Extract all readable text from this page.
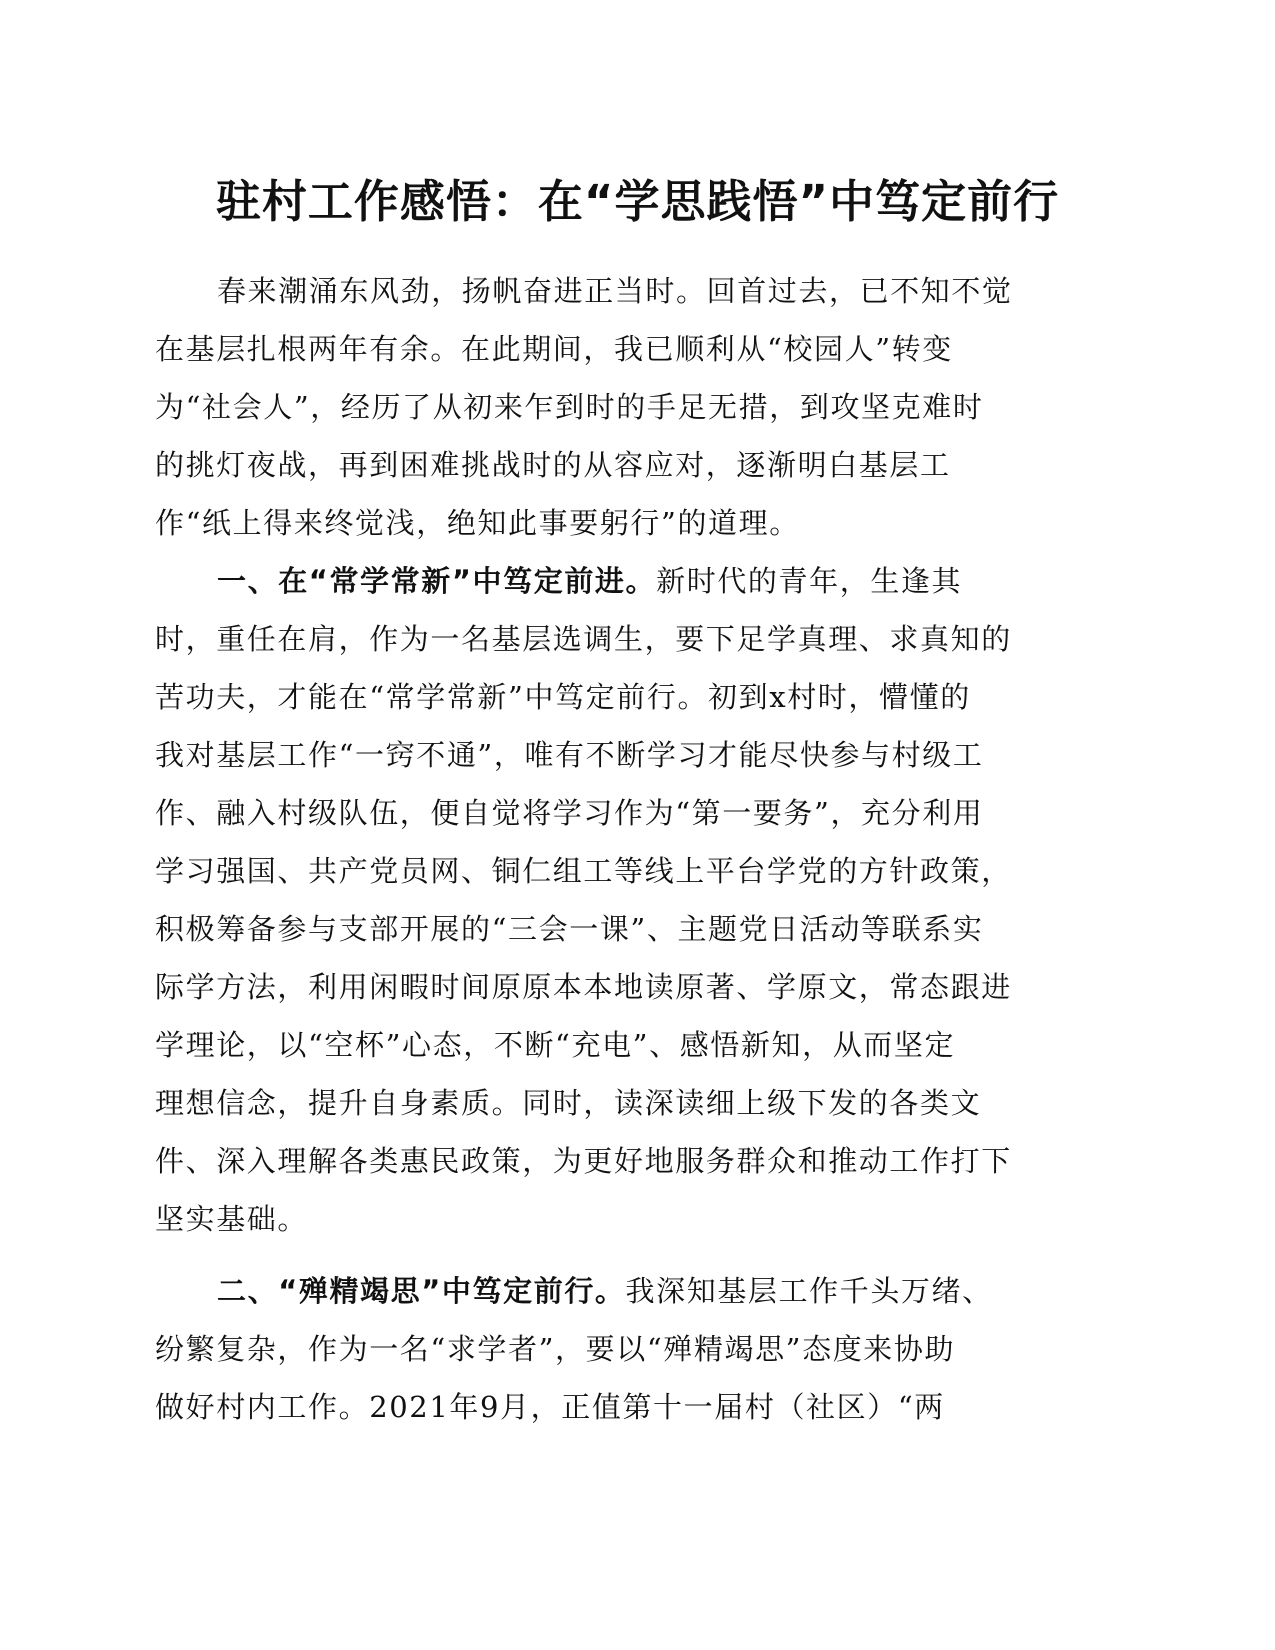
驻村工作感悟：在“学思践悟”中笃定前行
春来潮涌东风劲，扬帆奋进正当时。回首过去，已不知不觉
在基层扎根两年有余。在此期间，我已顺利从“校园人”转变
为“社会人”，经历了从初来乍到时的手足无措，到攻坚克难时
的挑灯夜战，再到困难挑战时的从容应对，逐渐明白基层工
作“纸上得来终觉浅，绝知此事要躬行”的道理。
一、在“常学常新”中笃定前进。新时代的青年，生逢其
时，重任在肩，作为一名基层选调生，要下足学真理、求真知的
苦功夫，才能在“常学常新”中笃定前行。初到x村时，懵懂的
我对基层工作“一窍不通”，唯有不断学习才能尽快参与村级工
作、融入村级队伍，便自觉将学习作为“第一要务”，充分利用
学习强国、共产党员网、铜仁组工等线上平台学党的方针政策，
积极筹备参与支部开展的“三会一课”、主题党日活动等联系实
际学方法，利用闲暇时间原原本本地读原著、学原文，常态跟进
学理论，以“空杯”心态，不断“充电”、感悟新知，从而坚定
理想信念，提升自身素质。同时，读深读细上级下发的各类文
件、深入理解各类惠民政策，为更好地服务群众和推动工作打下
坚实基础。
二、“殚精竭思”中笃定前行。我深知基层工作千头万绪、
纷繁复杂，作为一名“求学者”，要以“殚精竭思”态度来协助
做好村内工作。2021年9月，正值第十一届村（社区）“两
